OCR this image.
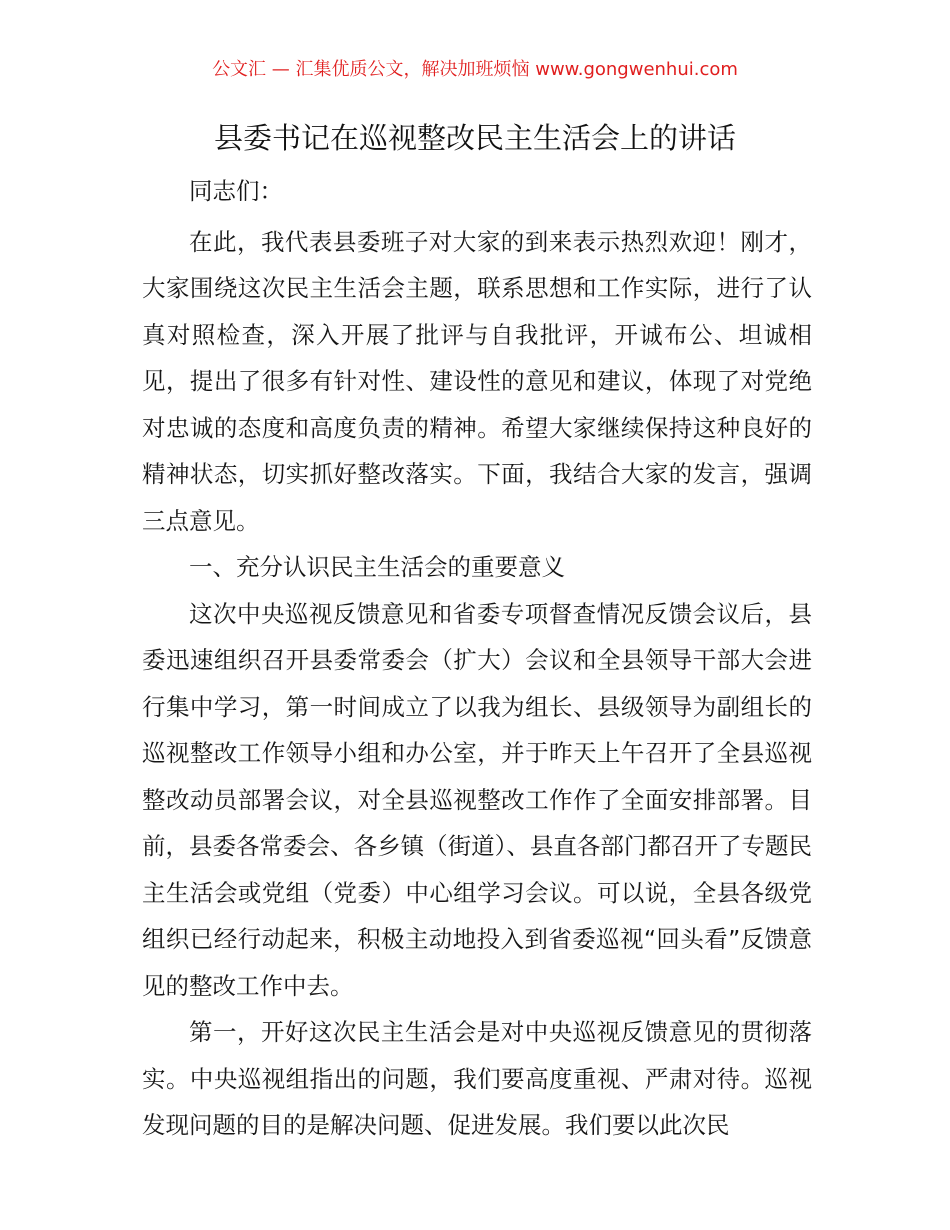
公文汇 — 汇集优质公文，解决加班烦恼 www.gongwenhui.com
县委书记在巡视整改民主生活会上的讲话

同志们：

在此，我代表县委班子对大家的到来表示热烈欢迎！刚才，大家围绕这次民主生活会主题，联系思想和工作实际，进行了认真对照检查，深入开展了批评与自我批评，开诚布公、坦诚相见，提出了很多有针对性、建设性的意见和建议，体现了对党绝对忠诚的态度和高度负责的精神。希望大家继续保持这种良好的精神状态，切实抓好整改落实。下面，我结合大家的发言，强调三点意见。

一、充分认识民主生活会的重要意义

这次中央巡视反馈意见和省委专项督查情况反馈会议后，县委迅速组织召开县委常委会（扩大）会议和全县领导干部大会进行集中学习，第一时间成立了以我为组长、县级领导为副组长的巡视整改工作领导小组和办公室，并于昨天上午召开了全县巡视整改动员部署会议，对全县巡视整改工作作了全面安排部署。目前，县委各常委会、各乡镇（街道）、县直各部门都召开了专题民主生活会或党组（党委）中心组学习会议。可以说，全县各级党组织已经行动起来，积极主动地投入到省委巡视“回头看”反馈意见的整改工作中去。

第一，开好这次民主生活会是对中央巡视反馈意见的贯彻落实。中央巡视组指出的问题，我们要高度重视、严肃对待。巡视发现问题的目的是解决问题、促进发展。我们要以此次民
